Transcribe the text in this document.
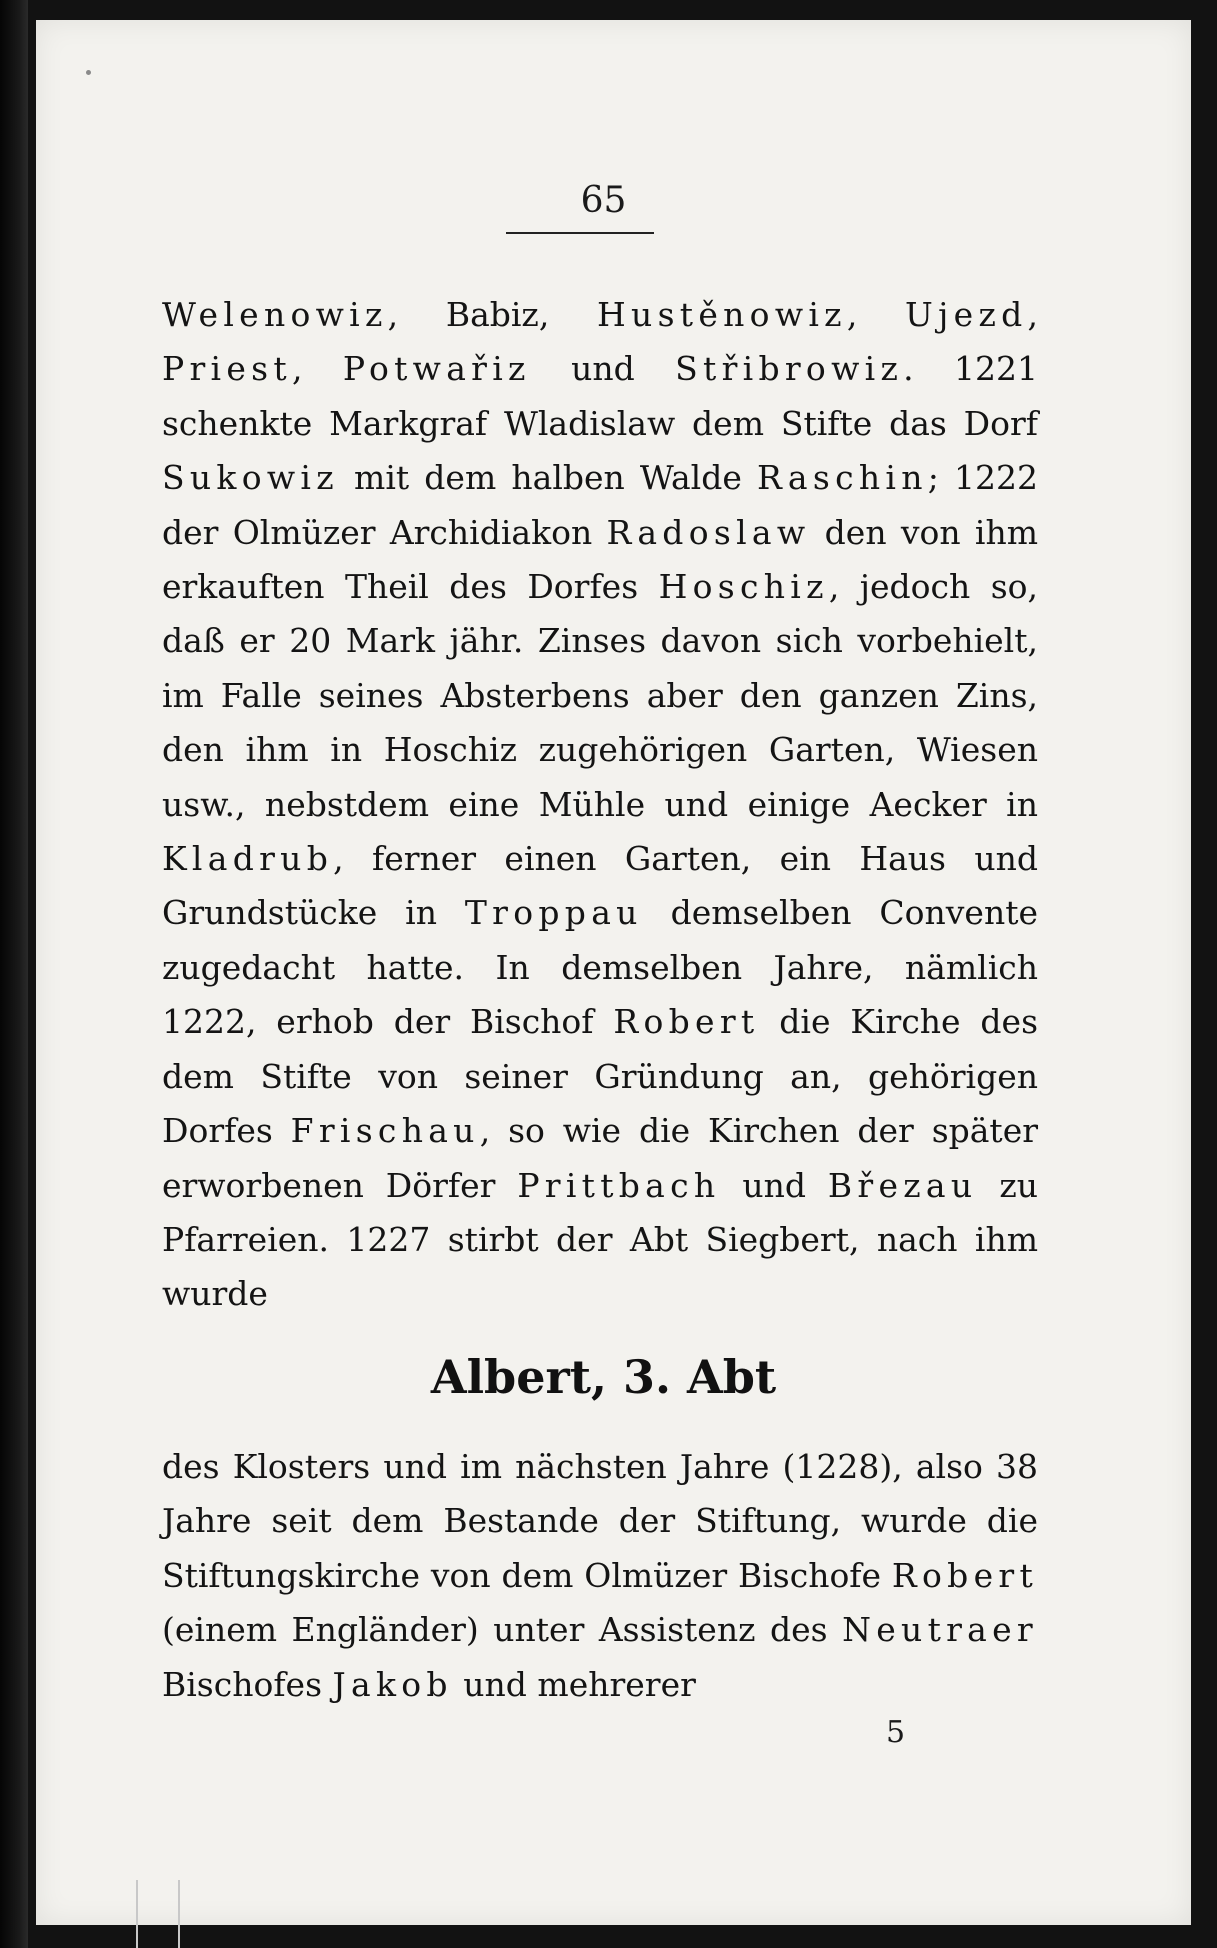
65

Welenowiz, Babiz, Hustěnowiz, Ujezd, Priest, Potwařiz und Střibrowiz. 1221 schenkte Markgraf Wladislaw dem Stifte das Dorf Sukowiz mit dem halben Walde Raschin; 1222 der Olmüzer Archidiakon Radoslaw den von ihm erkauften Theil des Dorfes Hoschiz, jedoch so, daß er 20 Mark jähr. Zinses davon sich vorbehielt, im Falle seines Absterbens aber den ganzen Zins, den ihm in Hoschiz zugehörigen Garten, Wiesen usw., nebstdem eine Mühle und einige Aecker in Kladrub, ferner einen Garten, ein Haus und Grundstücke in Troppau demselben Convente zugedacht hatte. In demselben Jahre, nämlich 1222, erhob der Bischof Robert die Kirche des dem Stifte von seiner Gründung an, gehörigen Dorfes Frischau, so wie die Kirchen der später erworbenen Dörfer Prittbach und Březau zu Pfarreien. 1227 stirbt der Abt Siegbert, nach ihm wurde

Albert, 3. Abt

des Klosters und im nächsten Jahre (1228), also 38 Jahre seit dem Bestande der Stiftung, wurde die Stiftungskirche von dem Olmüzer Bischofe Robert (einem Engländer) unter Assistenz des Neutraer Bischofes Jakob und mehrerer

5
